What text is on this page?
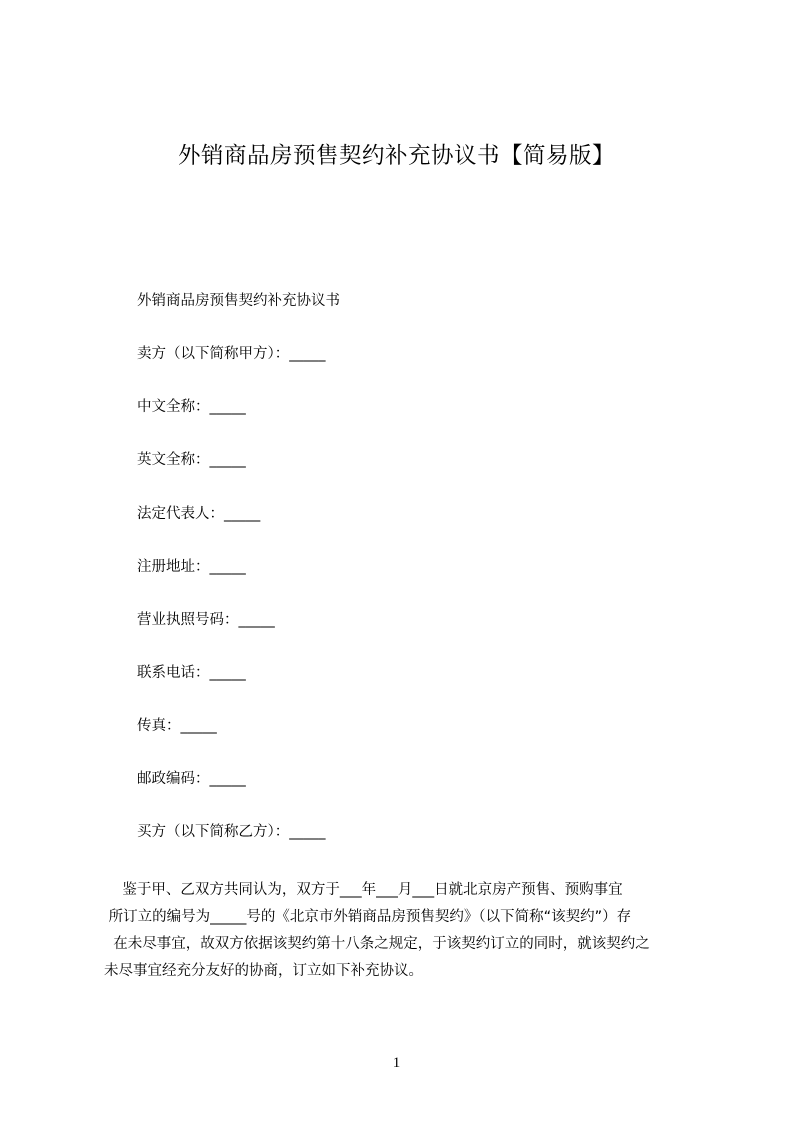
外销商品房预售契约补充协议书【简易版】
外销商品房预售契约补充协议书
卖方（以下简称甲方）：_____
中文全称：_____
英文全称：_____
法定代表人：_____
注册地址：_____
营业执照号码：_____
联系电话：_____
传真：_____
邮政编码：_____
买方（以下简称乙方）：_____

鉴于甲、乙双方共同认为，双方于___年___月___日就北京房产预售、预购事宜

所订立的编号为_____号的《北京市外销商品房预售契约》（以下简称“该契约”）存

在未尽事宜，故双方依据该契约第十八条之规定，于该契约订立的同时，就该契约之

未尽事宜经充分友好的协商，订立如下补充协议。

1
